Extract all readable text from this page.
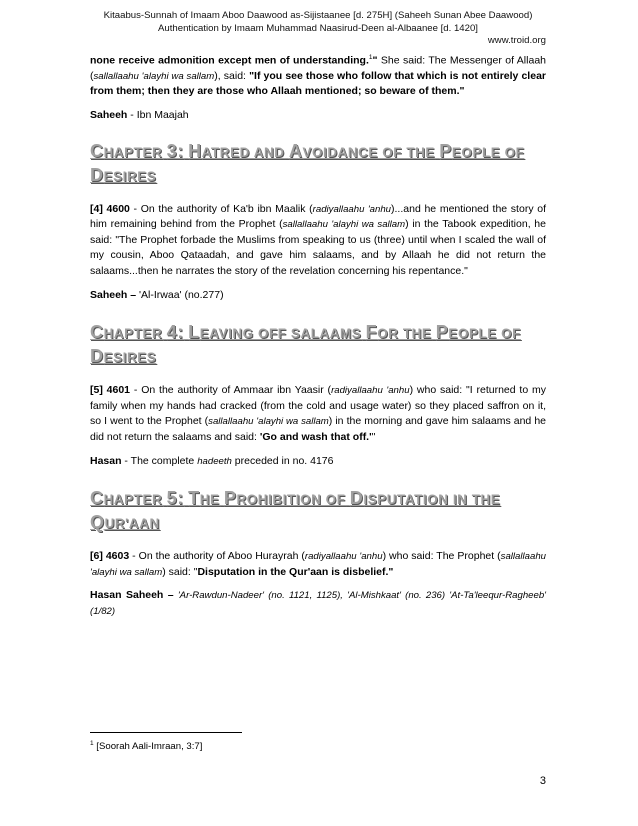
Kitaabus-Sunnah of Imaam Aboo Daawood as-Sijistaanee [d. 275H] (Saheeh Sunan Abee Daawood)
Authentication by Imaam Muhammad Naasirud-Deen al-Albaanee [d. 1420]
www.troid.org

none receive admonition except men of understanding.$^1$" She said: The Messenger of Allaah (sallallaahu 'alayhi wa sallam), said: "If you see those who follow that which is not entirely clear from them; then they are those who Allaah mentioned; so beware of them."

Saheeh - Ibn Maajah

CHAPTER 3: HATRED AND AVOIDANCE OF THE PEOPLE OF DESIRES

[4] 4600 - On the authority of Ka'b ibn Maalik (radiyallaahu 'anhu)...and he mentioned the story of him remaining behind from the Prophet (sallallaahu 'alayhi wa sallam) in the Tabook expedition, he said: "The Prophet forbade the Muslims from speaking to us (three) until when I scaled the wall of my cousin, Aboo Qataadah, and gave him salaams, and by Allaah he did not return the salaams...then he narrates the story of the revelation concerning his repentance."

Saheeh – 'Al-Irwaa' (no.277)

CHAPTER 4: LEAVING OFF SALAAMS FOR THE PEOPLE OF DESIRES

[5] 4601 - On the authority of Ammaar ibn Yaasir (radiyallaahu 'anhu) who said: "I returned to my family when my hands had cracked (from the cold and usage water) so they placed saffron on it, so I went to the Prophet (sallallaahu 'alayhi wa sallam) in the morning and gave him salaams and he did not return the salaams and said: 'Go and wash that off.'"

Hasan - The complete hadeeth preceded in no. 4176

CHAPTER 5: THE PROHIBITION OF DISPUTATION IN THE QUR'AAN

[6] 4603 - On the authority of Aboo Hurayrah (radiyallaahu 'anhu) who said: The Prophet (sallallaahu 'alayhi wa sallam) said: "Disputation in the Qur'aan is disbelief."

Hasan Saheeh – 'Ar-Rawdun-Nadeer' (no. 1121, 1125), 'Al-Mishkaat' (no. 236) 'At-Ta'leequr-Ragheeb' (1/82)

$^1$ [Soorah Aali-Imraan, 3:7]
3
